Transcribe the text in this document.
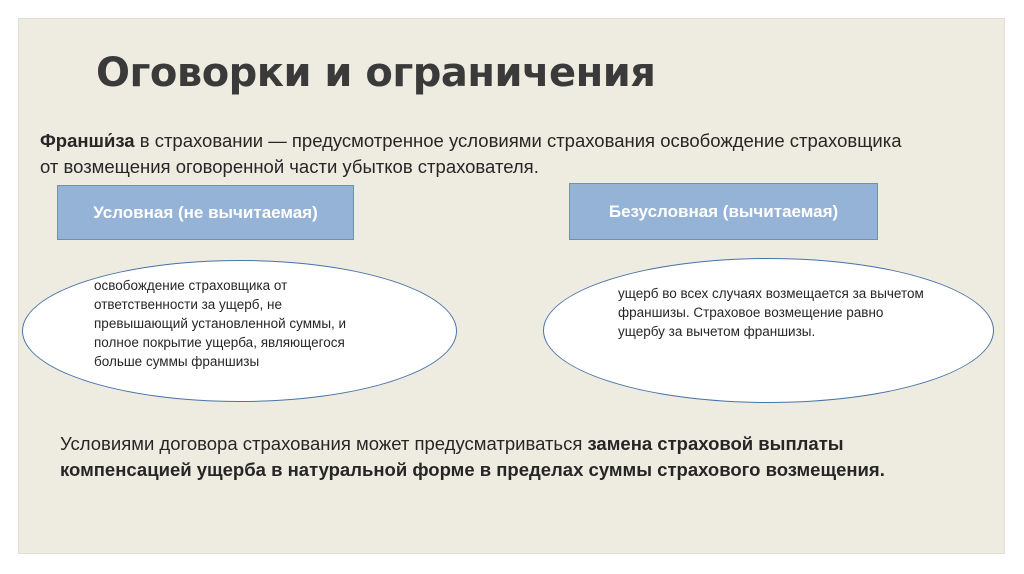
Оговорки и ограничения
Франши́за в страховании — предусмотренное условиями страхования освобождение страховщика от возмещения оговоренной части убытков страхователя.
Условная (не вычитаемая)	Безусловная (вычитаемая)
освобождение страховщика от ответственности за ущерб, не превышающий установленной суммы, и полное покрытие ущерба, являющегося больше суммы франшизы
ущерб во всех случаях возмещается за вычетом франшизы. Страховое возмещение равно ущербу за вычетом франшизы.
Условиями договора страхования может предусматриваться замена страховой выплаты компенсацией ущерба в натуральной форме в пределах суммы страхового возмещения.
